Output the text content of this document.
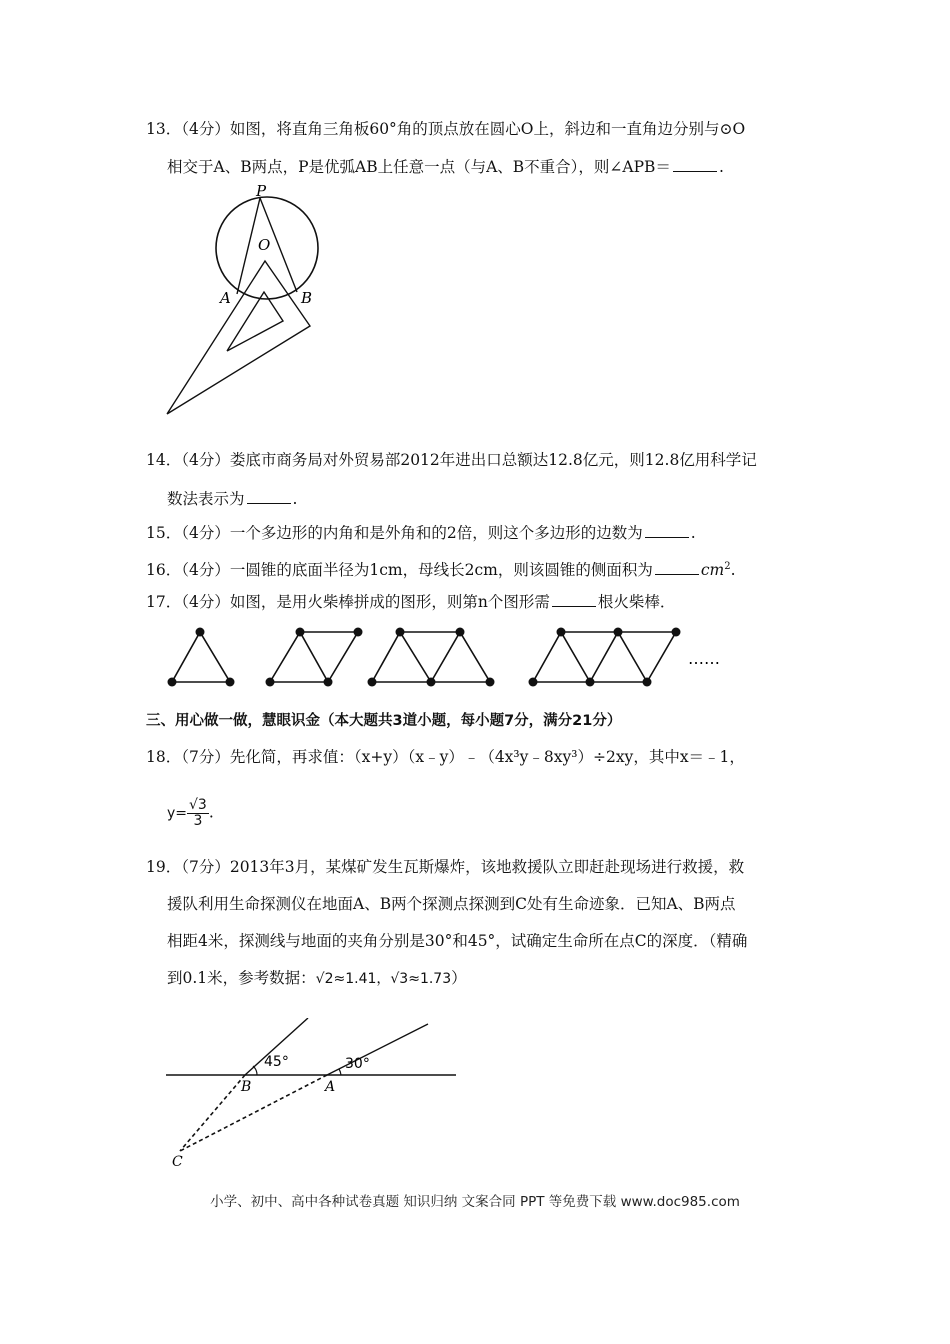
13．（4分）如图，将直角三角板60°角的顶点放在圆心O上，斜边和一直角边分别与⊙O
相交于A、B两点，P是优弧AB上任意一点（与A、B不重合），则∠APB＝	.
P
O
A	B
14．（4分）娄底市商务局对外贸易部2012年进出口总额达12.8亿元，则12.8亿用科学记
数法表示为	.
15．（4分）一个多边形的内角和是外角和的2倍，则这个多边形的边数为	.
16．（4分）一圆锥的底面半径为1cm，母线长2cm，则该圆锥的侧面积为	$cm^2$.
17．（4分）如图，是用火柴棒拼成的图形，则第n个图形需	根火柴棒．
……
三、用心做一做，慧眼识金（本大题共3道小题，每小题7分，满分21分）
18．（7分）先化简，再求值：（x+y）（x﹣y）﹣（4x³y﹣8xy³）÷2xy，其中x＝﹣1，
$y= \frac{√3}{3}$ .
19．（7分）2013年3月，某煤矿发生瓦斯爆炸，该地救援队立即赶赴现场进行救援，救
援队利用生命探测仪在地面A、B两个探测点探测到C处有生命迹象．已知A、B两点
相距4米，探测线与地面的夹角分别是30°和45°，试确定生命所在点C的深度．（精确
到0.1米，参考数据：√2≈1.41，√3≈1.73）
45°	30°
B	A
C
小学、初中、高中各种试卷真题 知识归纳 文案合同 PPT 等免费下载 www.doc985.com
